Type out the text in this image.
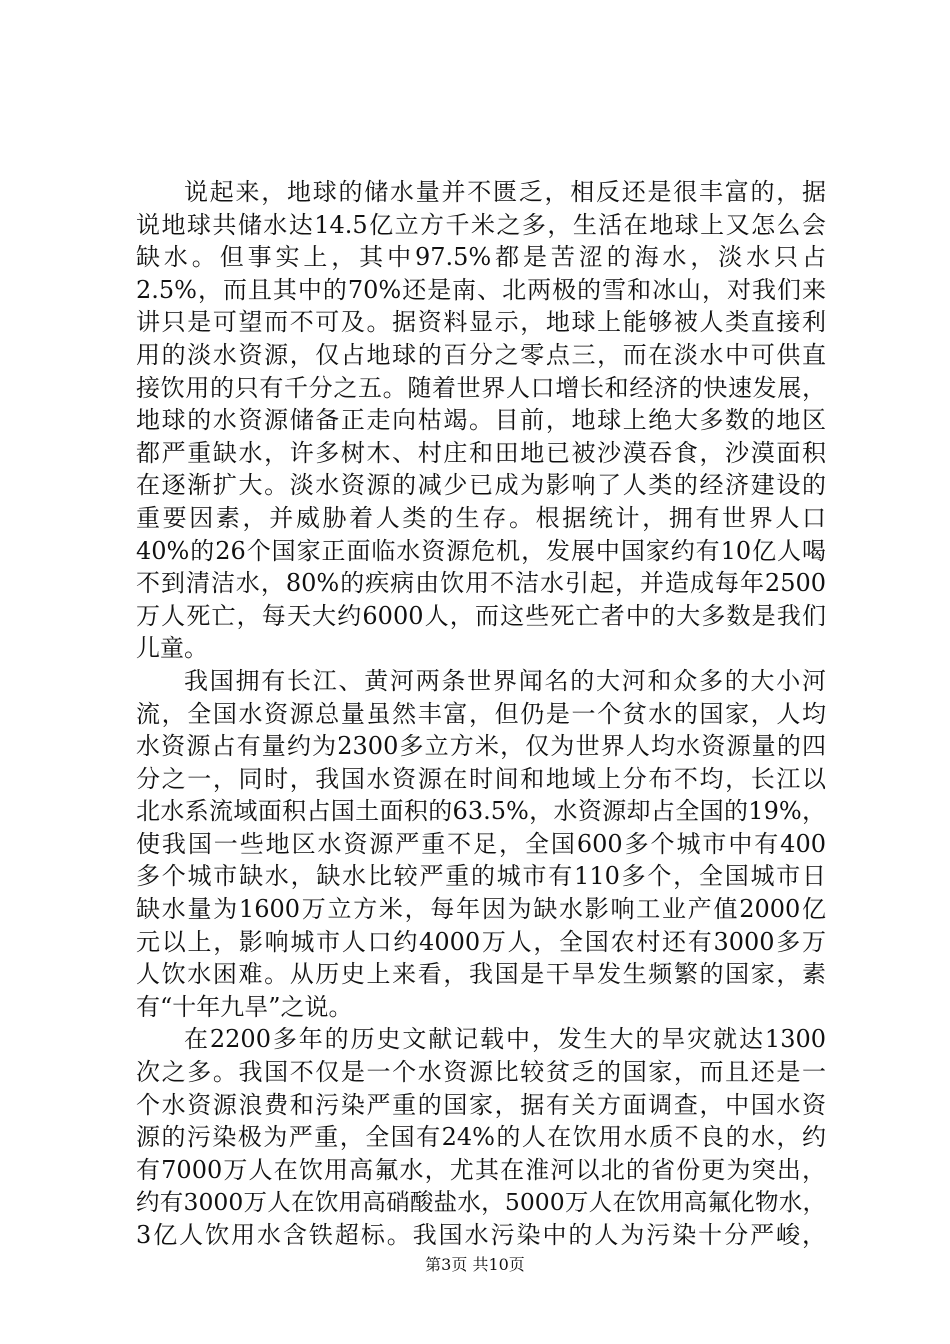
说起来，地球的储水量并不匮乏，相反还是很丰富的，据
说地球共储水达14.5亿立方千米之多，生活在地球上又怎么会
缺水。但事实上，其中97.5%都是苦涩的海水，淡水只占
2.5%，而且其中的70%还是南、北两极的雪和冰山，对我们来
讲只是可望而不可及。据资料显示，地球上能够被人类直接利
用的淡水资源，仅占地球的百分之零点三，而在淡水中可供直
接饮用的只有千分之五。随着世界人口增长和经济的快速发展，
地球的水资源储备正走向枯竭。目前，地球上绝大多数的地区
都严重缺水，许多树木、村庄和田地已被沙漠吞食，沙漠面积
在逐渐扩大。淡水资源的减少已成为影响了人类的经济建设的
重要因素，并威胁着人类的生存。根据统计，拥有世界人口
40%的26个国家正面临水资源危机，发展中国家约有10亿人喝
不到清洁水，80%的疾病由饮用不洁水引起，并造成每年2500
万人死亡，每天大约6000人，而这些死亡者中的大多数是我们
儿童。
我国拥有长江、黄河两条世界闻名的大河和众多的大小河
流，全国水资源总量虽然丰富，但仍是一个贫水的国家，人均
水资源占有量约为2300多立方米，仅为世界人均水资源量的四
分之一，同时，我国水资源在时间和地域上分布不均，长江以
北水系流域面积占国土面积的63.5%，水资源却占全国的19%，
使我国一些地区水资源严重不足，全国600多个城市中有400
多个城市缺水，缺水比较严重的城市有110多个，全国城市日
缺水量为1600万立方米，每年因为缺水影响工业产值2000亿
元以上，影响城市人口约4000万人，全国农村还有3000多万
人饮水困难。从历史上来看，我国是干旱发生频繁的国家，素
有“十年九旱”之说。
在2200多年的历史文献记载中，发生大的旱灾就达1300
次之多。我国不仅是一个水资源比较贫乏的国家，而且还是一
个水资源浪费和污染严重的国家，据有关方面调查，中国水资
源的污染极为严重，全国有24%的人在饮用水质不良的水，约
有7000万人在饮用高氟水，尤其在淮河以北的省份更为突出，
约有3000万人在饮用高硝酸盐水，5000万人在饮用高氟化物水，
3亿人饮用水含铁超标。我国水污染中的人为污染十分严峻，
第3页 共10页
